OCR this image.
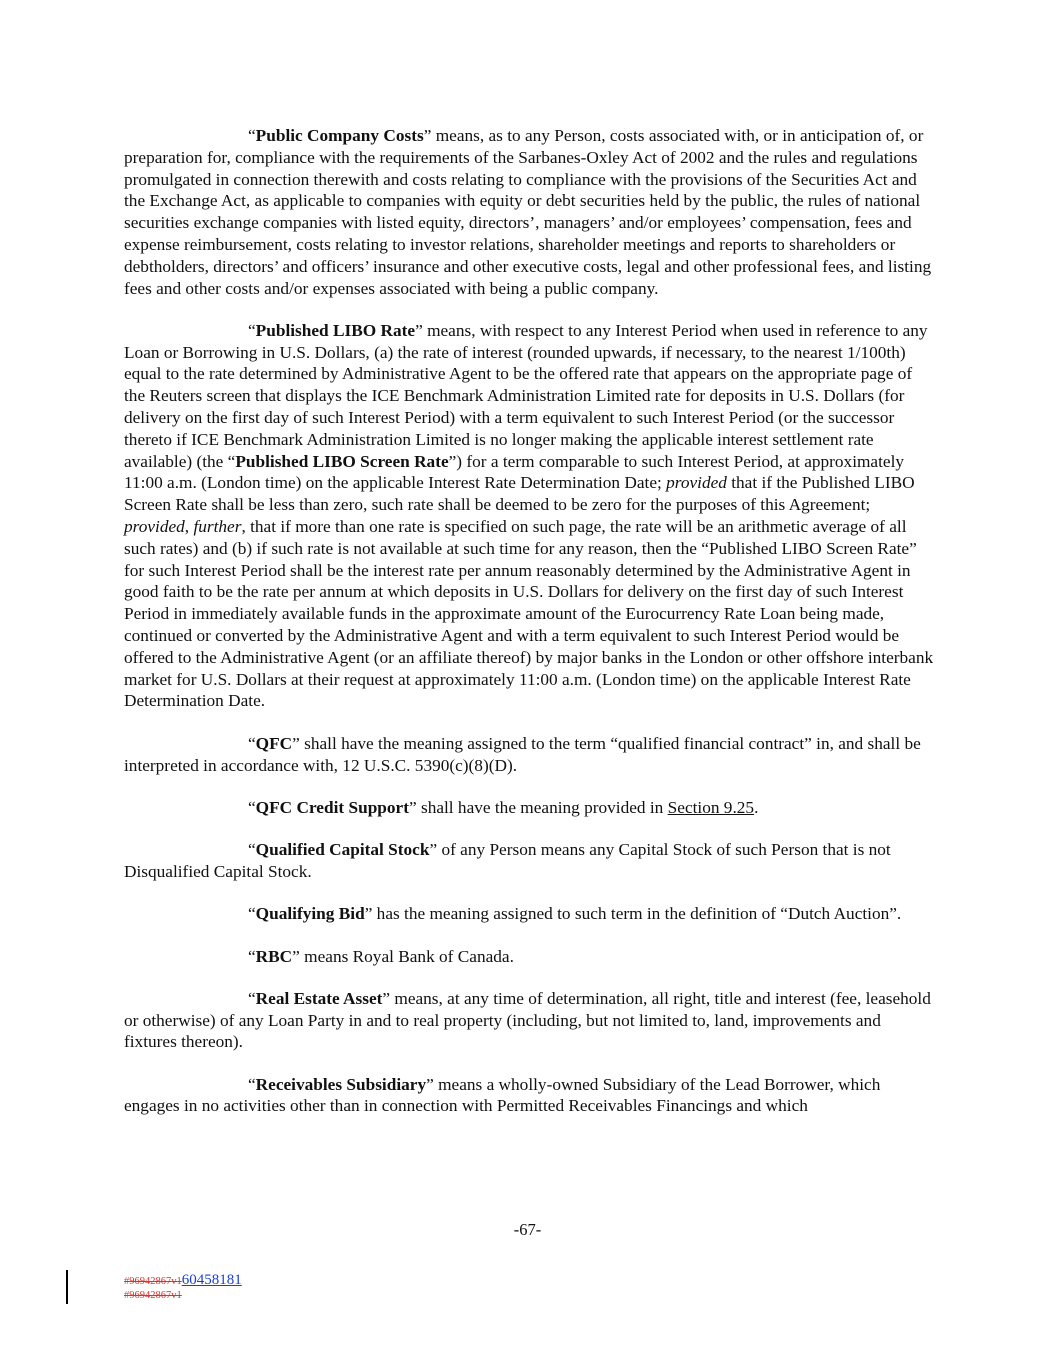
“Public Company Costs” means, as to any Person, costs associated with, or in anticipation of, or preparation for, compliance with the requirements of the Sarbanes-Oxley Act of 2002 and the rules and regulations promulgated in connection therewith and costs relating to compliance with the provisions of the Securities Act and the Exchange Act, as applicable to companies with equity or debt securities held by the public, the rules of national securities exchange companies with listed equity, directors’, managers’ and/or employees’ compensation, fees and expense reimbursement, costs relating to investor relations, shareholder meetings and reports to shareholders or debtholders, directors’ and officers’ insurance and other executive costs, legal and other professional fees, and listing fees and other costs and/or expenses associated with being a public company.

“Published LIBO Rate” means, with respect to any Interest Period when used in reference to any Loan or Borrowing in U.S. Dollars, (a) the rate of interest (rounded upwards, if necessary, to the nearest 1/100th) equal to the rate determined by Administrative Agent to be the offered rate that appears on the appropriate page of the Reuters screen that displays the ICE Benchmark Administration Limited rate for deposits in U.S. Dollars (for delivery on the first day of such Interest Period) with a term equivalent to such Interest Period (or the successor thereto if ICE Benchmark Administration Limited is no longer making the applicable interest settlement rate available) (the “Published LIBO Screen Rate”) for a term comparable to such Interest Period, at approximately 11:00 a.m. (London time) on the applicable Interest Rate Determination Date; provided that if the Published LIBO Screen Rate shall be less than zero, such rate shall be deemed to be zero for the purposes of this Agreement; provided, further, that if more than one rate is specified on such page, the rate will be an arithmetic average of all such rates) and (b) if such rate is not available at such time for any reason, then the “Published LIBO Screen Rate” for such Interest Period shall be the interest rate per annum reasonably determined by the Administrative Agent in good faith to be the rate per annum at which deposits in U.S. Dollars for delivery on the first day of such Interest Period in immediately available funds in the approximate amount of the Eurocurrency Rate Loan being made, continued or converted by the Administrative Agent and with a term equivalent to such Interest Period would be offered to the Administrative Agent (or an affiliate thereof) by major banks in the London or other offshore interbank market for U.S. Dollars at their request at approximately 11:00 a.m. (London time) on the applicable Interest Rate Determination Date.

“QFC” shall have the meaning assigned to the term “qualified financial contract” in, and shall be interpreted in accordance with, 12 U.S.C. 5390(c)(8)(D).

“QFC Credit Support” shall have the meaning provided in Section 9.25.

“Qualified Capital Stock” of any Person means any Capital Stock of such Person that is not Disqualified Capital Stock.

“Qualifying Bid” has the meaning assigned to such term in the definition of “Dutch Auction”.

“RBC” means Royal Bank of Canada.

“Real Estate Asset” means, at any time of determination, all right, title and interest (fee, leasehold or otherwise) of any Loan Party in and to real property (including, but not limited to, land, improvements and fixtures thereon).

“Receivables Subsidiary” means a wholly-owned Subsidiary of the Lead Borrower, which engages in no activities other than in connection with Permitted Receivables Financings and which

-67-
#96942867v160458181
#96942867v1
